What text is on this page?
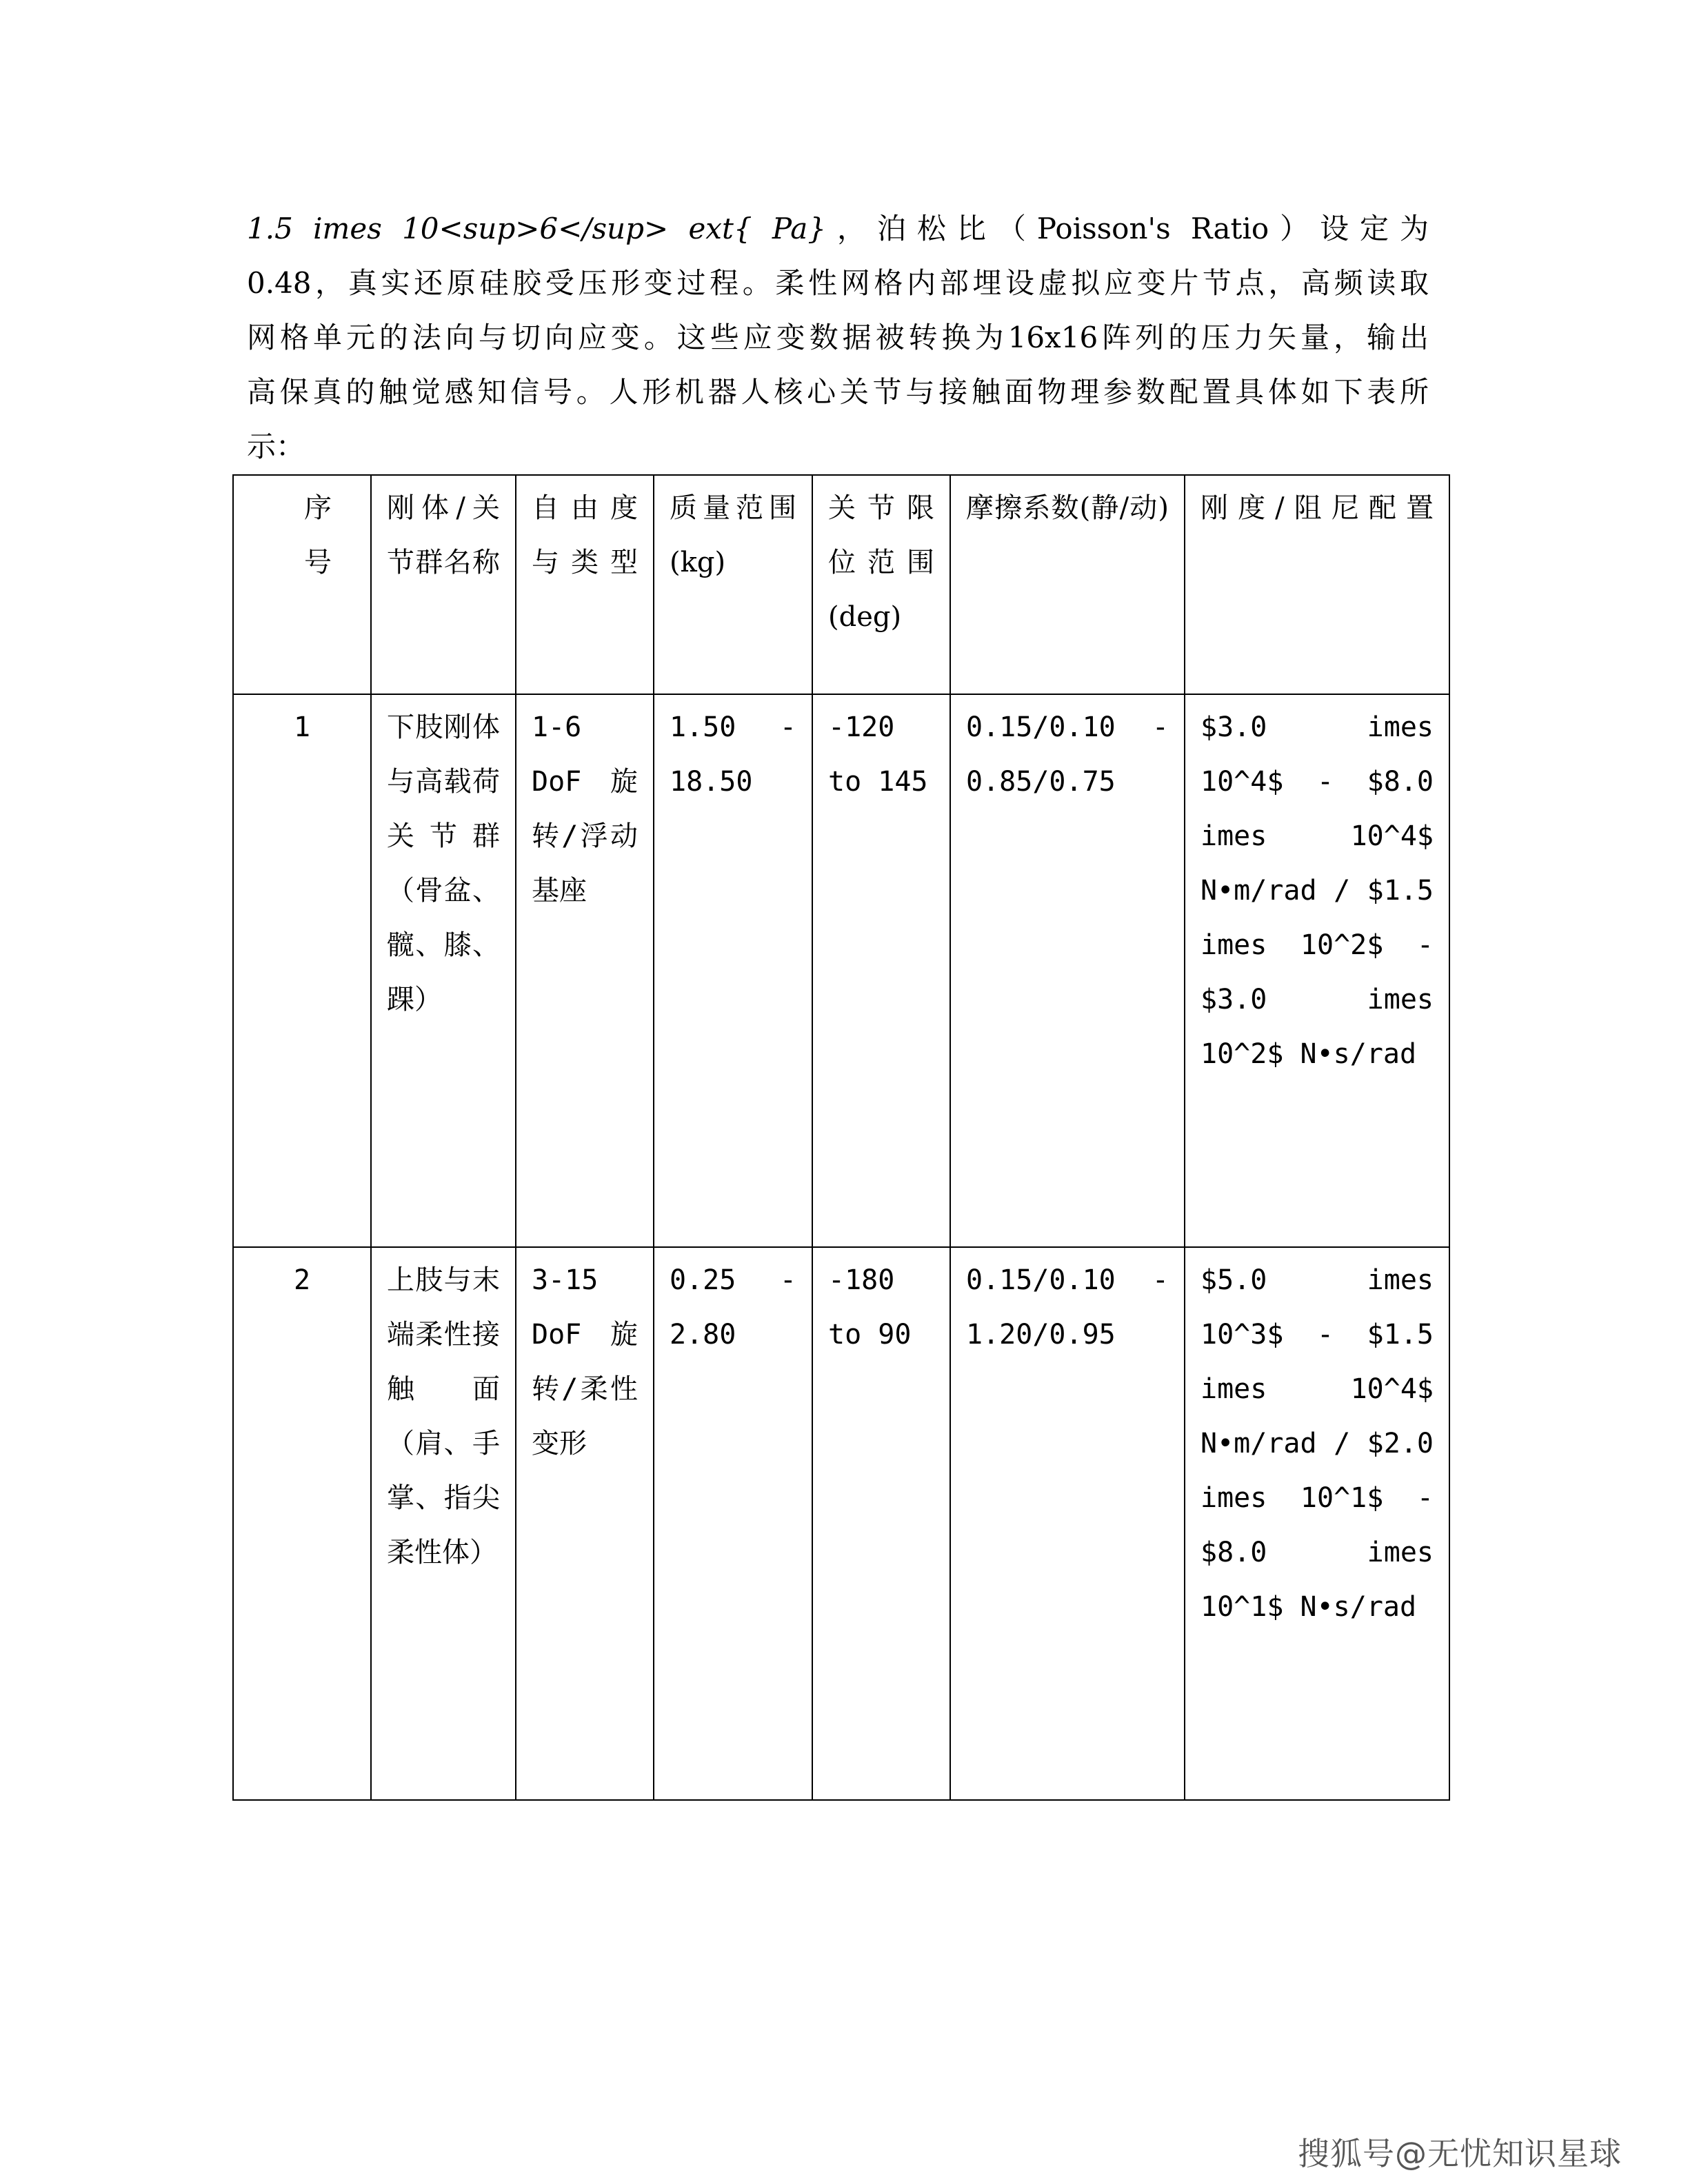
1.5 imes 10<sup>6</sup> ext{ Pa}，泊松比（Poisson's Ratio）设定为
0.48，真实还原硅胶受压形变过程。柔性网格内部埋设虚拟应变片节点，高频读取
网格单元的法向与切向应变。这些应变数据被转换为16x16阵列的压力矢量，输出
高保真的触觉感知信号。人形机器人核心关节与接触面物理参数配置具体如下表所
示：
序号	刚体/关节群名称	自由度与类型	质量范围(kg)	关节限位范围(deg)	摩擦系数(静/动)	刚度/阻尼配置

1	下肢刚体与高载荷关节群（骨盆、髋、膝、踝）	1-6 DoF 旋转/浮动基座	1.50 - 18.50	-120 to 145	0.15/0.10 - 0.85/0.75	$3.0 imes 10^4$ - $8.0 imes 10^4$ N•m/rad / $1.5 imes 10^2$ - $3.0 imes 10^2$ N•s/rad

2	上肢与末端柔性接触面（肩、手掌、指尖柔性体）	3-15 DoF 旋转/柔性变形	0.25 - 2.80	-180 to 90	0.15/0.10 - 1.20/0.95	$5.0 imes 10^3$ - $1.5 imes 10^4$ N•m/rad / $2.0 imes 10^1$ - $8.0 imes 10^1$ N•s/rad
搜狐号@无忧知识星球
